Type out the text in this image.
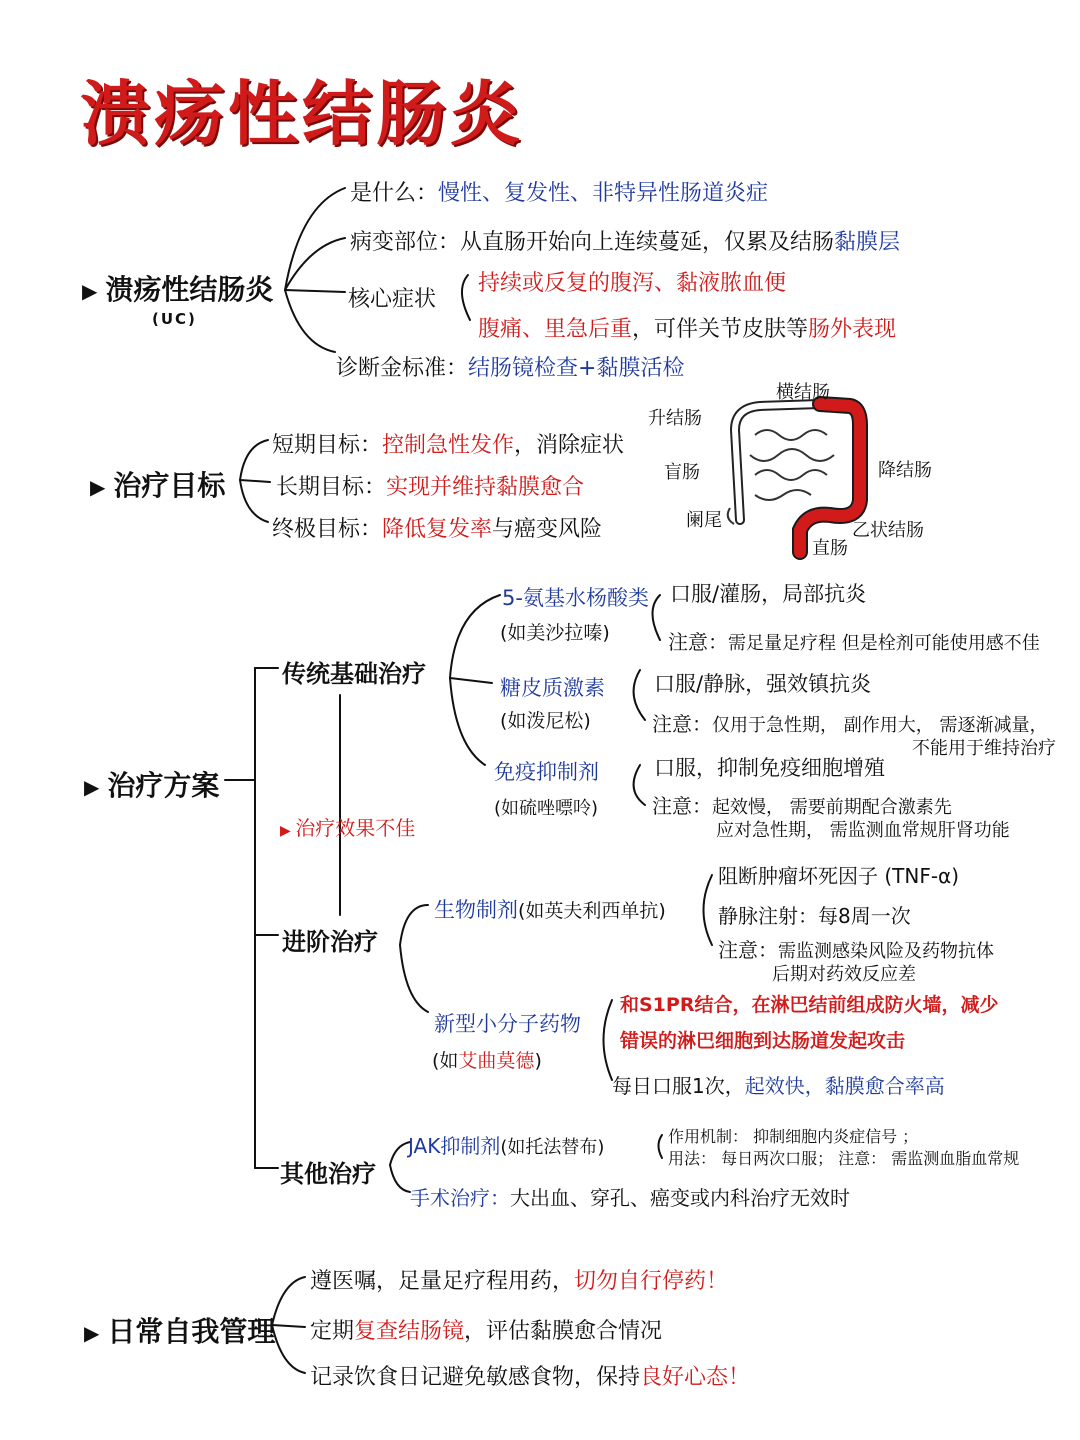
溃疡性结肠炎
▶ 溃疡性结肠炎
(UC)
是什么：慢性、复发性、非特异性肠道炎症
病变部位：从直肠开始向上连续蔓延，仅累及结肠黏膜层
核心症状
持续或反复的腹泻、黏液脓血便
腹痛、里急后重，可伴关节皮肤等肠外表现
诊断金标准：结肠镜检查+黏膜活检
▶ 治疗目标
短期目标：控制急性发作，消除症状
长期目标：实现并维持黏膜愈合
终极目标：降低复发率与癌变风险
横结肠
升结肠
降结肠
盲肠
阑尾	乙状结肠
直肠
▶ 治疗方案
传统基础治疗
▶ 治疗效果不佳
进阶治疗
其他治疗
5-氨基水杨酸类
(如美沙拉嗪)
口服/灌肠，局部抗炎
注意：需足量足疗程 但是栓剂可能使用感不佳
糖皮质激素
(如泼尼松)
口服/静脉，强效镇抗炎
注意：仅用于急性期， 副作用大， 需逐渐减量，
不能用于维持治疗
免疫抑制剂
(如硫唑嘌呤)
口服，抑制免疫细胞增殖
注意：起效慢， 需要前期配合激素先
应对急性期， 需监测血常规肝肾功能
生物制剂(如英夫利西单抗)
阻断肿瘤坏死因子 (TNF-α)
静脉注射：每8周一次
注意：需监测感染风险及药物抗体
后期对药效反应差
新型小分子药物
(如艾曲莫德)
和S1PR结合，在淋巴结前组成防火墙，减少
错误的淋巴细胞到达肠道发起攻击
每日口服1次，起效快，黏膜愈合率高
JAK抑制剂(如托法替布)
作用机制： 抑制细胞内炎症信号 ；
用法： 每日两次口服； 注意： 需监测血脂血常规
手术治疗：大出血、穿孔、癌变或内科治疗无效时
▶ 日常自我管理
遵医嘱，足量足疗程用药，切勿自行停药！
定期复查结肠镜，评估黏膜愈合情况
记录饮食日记避免敏感食物，保持良好心态！
